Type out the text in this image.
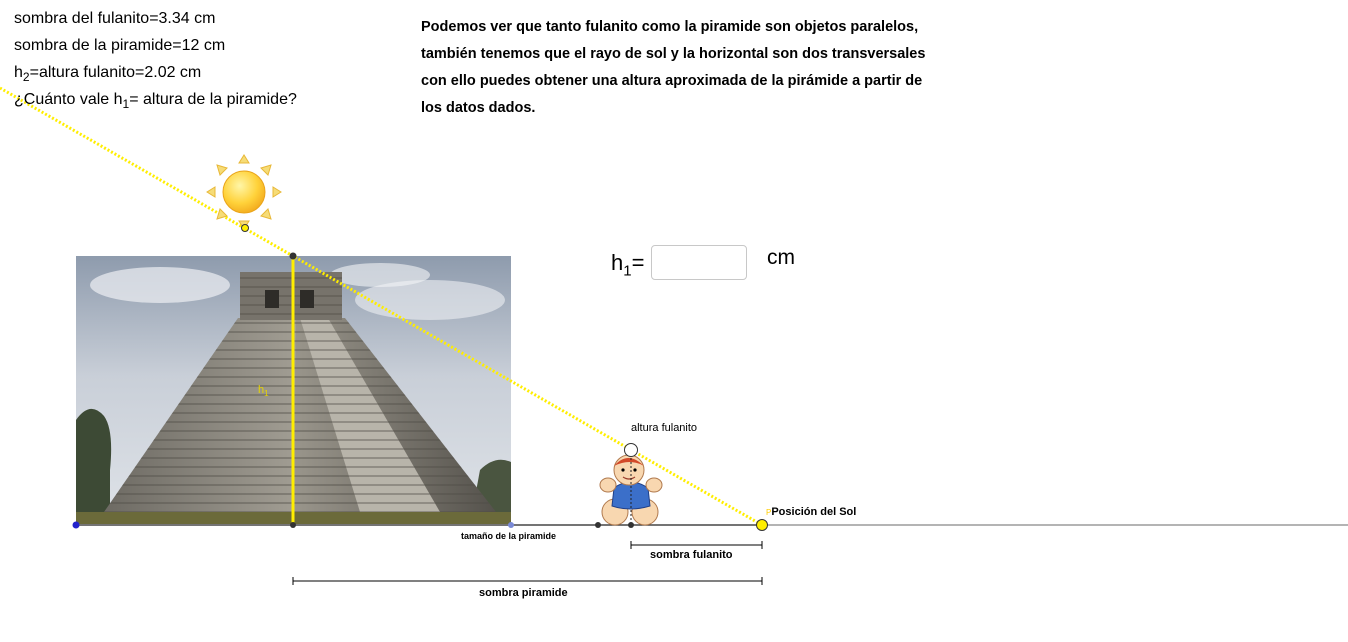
sombra del fulanito=3.34 cm
sombra de la piramide=12 cm
$h_2=altura$ fulanito=2.02 cm
¿Cuánto vale $h_1=$ altura de la piramide?
Podemos ver que tanto fulanito como la piramide son objetos paralelos,
también tenemos que el rayo de sol y la horizontal son dos transversales
con ello puedes obtener una altura aproximada de la pirámide a partir de
los datos dados.
$h_1=$	cm
$h_1$
altura fulanito
tamaño de la piramide
sombra fulanito
sombra piramide
PPosición del Sol
